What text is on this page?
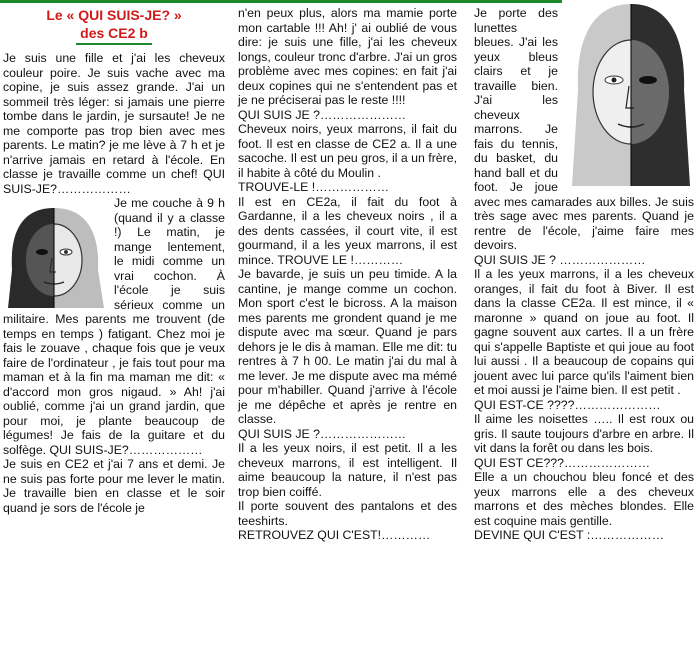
Le « QUI SUIS-JE? »

des CE2 b

Je suis une fille et j'ai les cheveux couleur poire. Je suis vache avec ma copine, je suis assez grande. J'ai un sommeil très léger: si jamais une pierre tombe dans le jardin, je sursaute! Je ne me comporte pas trop bien avec mes parents. Le matin? je me lève à 7 h et je n'arrive jamais en retard à l'école. En classe je travaille comme un chef! QUI SUIS-JE?………………

Je me couche à 9 h (quand il y a classe !) Le matin, je mange lentement, le midi comme un vrai cochon. À l'école je suis sérieux comme un militaire. Mes parents me trouvent (de temps en temps ) fatigant. Chez moi je fais le zouave , chaque fois que je veux faire de l'ordinateur , je fais tout pour ma maman et à la fin ma maman me dit: « d'accord mon gros nigaud. » Ah! j'ai oublié, comme j'ai un grand jardin, que pour moi, je plante beaucoup de légumes! Je fais de la guitare et du solfège. QUI SUIS-JE?………………

Je suis en CE2 et j'ai 7 ans et demi. Je ne suis pas forte pour me lever le matin. Je travaille bien en classe et le soir quand je sors de l'école je

n'en peux plus, alors ma mamie porte mon cartable !!! Ah! j' ai oublié de vous dire: je suis une fille, j'ai les cheveux longs, couleur tronc d'arbre. J'ai un gros problème avec mes copines: en fait j'ai deux copines qui ne s'entendent pas et je ne préciserai pas le reste !!!!

QUI SUIS JE ?…………………

Cheveux noirs, yeux marrons, il fait du foot. Il est en classe de CE2 a. Il a une sacoche. Il est un peu gros, il a un frère, il habite à côté du Moulin .

TROUVE-LE !………………

Il est en CE2a, il fait du foot à Gardanne, il a les cheveux noirs , il a des dents cassées, il court vite, il est gourmand, il a les yeux marrons, il est mince. TROUVE LE !…………

Je bavarde, je suis un peu timide. A la cantine, je mange comme un cochon. Mon sport c'est le bicross. A la maison mes parents me grondent quand je me dispute avec ma sœur. Quand je pars dehors je le dis à maman. Elle me dit: tu rentres à 7 h 00. Le matin j'ai du mal à me lever. Je me dispute avec ma mémé pour m'habiller. Quand j'arrive à l'école je me dépêche et après je rentre en classe.

QUI SUIS JE ?…………………

Il a les yeux noirs, il est petit. Il a les cheveux marrons, il est intelligent. Il aime beaucoup la nature, il n'est pas trop bien coiffé.

Il porte souvent des pantalons et des teeshirts.

RETROUVEZ QUI C'EST!…………

Je porte des lunettes bleues. J'ai les yeux bleus clairs et je travaille bien. J'ai les cheveux marrons. Je fais du tennis, du basket, du hand ball et du foot. Je joue avec mes camarades aux billes. Je suis très sage avec mes parents. Quand je rentre de l'école, j'aime faire mes devoirs.

QUI SUIS JE ? …………………

Il a les yeux marrons, il a les cheveux oranges, il fait du foot à Biver. Il est dans la classe CE2a. Il est mince, il « maronne » quand on joue au foot. Il gagne souvent aux cartes. Il a un frère qui s'appelle Baptiste et qui joue au foot lui aussi . Il a beaucoup de copains qui jouent avec lui parce qu'ils l'aiment bien et moi aussi je l'aime bien. Il est petit .

QUI EST-CE ????…………………

Il aime les noisettes ….. Il est roux ou gris. Il saute toujours d'arbre en arbre. Il vit dans la forêt ou dans les bois.

QUI EST CE???…………………

Elle a un chouchou bleu foncé et des yeux marrons elle a des cheveux marrons et des mèches blondes. Elle est coquine mais gentille.

DEVINE QUI C'EST :………………
